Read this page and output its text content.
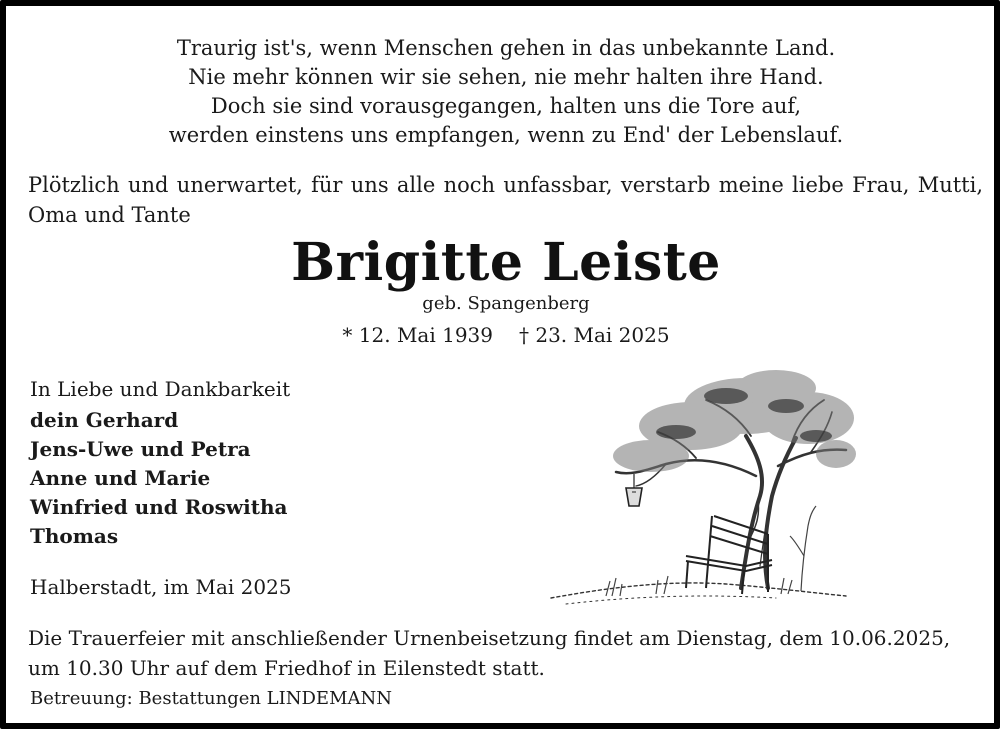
Traurig ist's, wenn Menschen gehen in das unbekannte Land.
Nie mehr können wir sie sehen, nie mehr halten ihre Hand.
Doch sie sind vorausgegangen, halten uns die Tore auf,
werden einstens uns empfangen, wenn zu End' der Lebenslauf.
Plötzlich und unerwartet, für uns alle noch unfassbar, verstarb meine liebe Frau, Mutti,
Oma und Tante
Brigitte Leiste
geb. Spangenberg
* 12. Mai 1939 † 23. Mai 2025
In Liebe und Dankbarkeit
dein Gerhard
Jens-Uwe und Petra
Anne und Marie
Winfried und Roswitha
Thomas
Halberstadt, im Mai 2025
Die Trauerfeier mit anschließender Urnenbeisetzung findet am Dienstag, dem 10.06.2025,
um 10.30 Uhr auf dem Friedhof in Eilenstedt statt.
Betreuung: Bestattungen LINDEMANN
